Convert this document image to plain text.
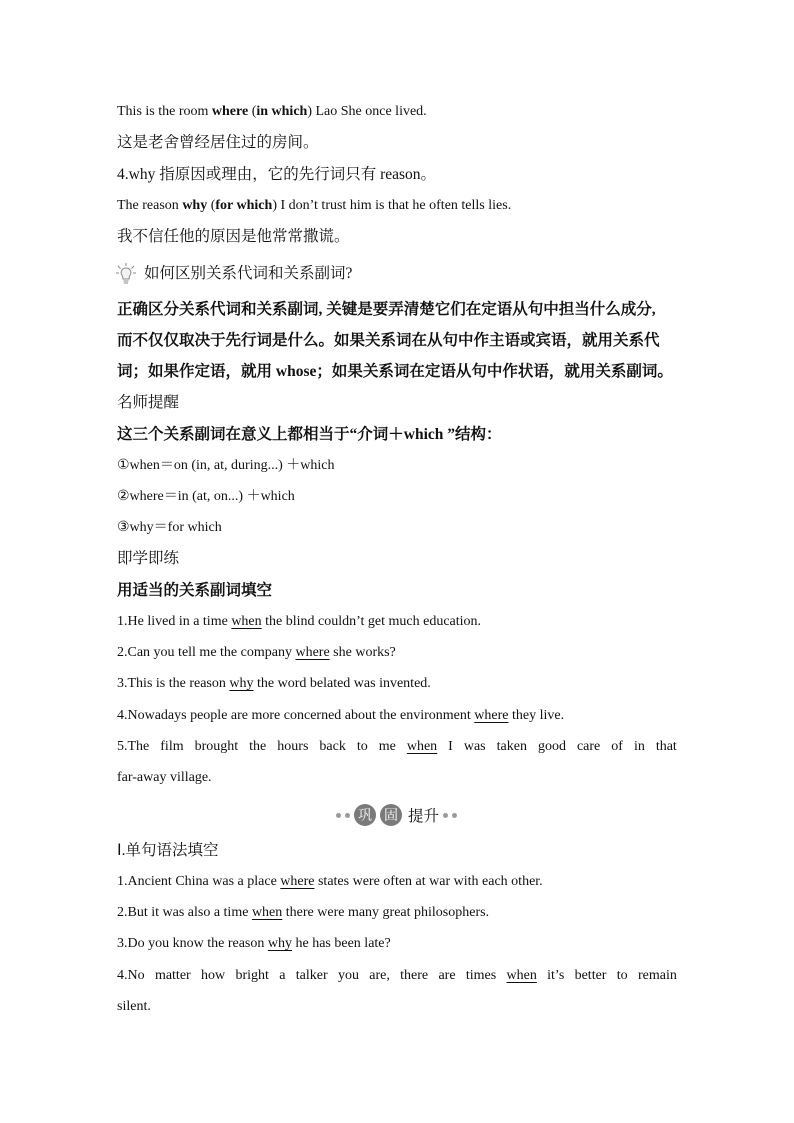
This is the room where (in which) Lao She once lived.
这是老舍曾经居住过的房间。
4.why 指原因或理由，它的先行词只有 reason。
The reason why (for which) I don’t trust him is that he often tells lies.
我不信任他的原因是他常常撒谎。
如何区别关系代词和关系副词?
正确区分关系代词和关系副词, 关键是要弄清楚它们在定语从句中担当什么成分,
而不仅仅取决于先行词是什么。如果关系词在从句中作主语或宾语，就用关系代
词；如果作定语，就用 whose；如果关系词在定语从句中作状语，就用关系副词。
名师提醒
这三个关系副词在意义上都相当于“介词＋which ”结构：
①when＝on (in, at, during...) ＋which
②where＝in (at, on...) ＋which
③why＝for which
即学即练
用适当的关系副词填空
1.He lived in a time when the blind couldn’t get much education.
2.Can you tell me the company where she works?
3.This is the reason why the word belated was invented.
4.Nowadays people are more concerned about the environment where they live.
5.The film brought the hours back to me when I was taken good care of in that
far-away village.
巩 固 提升
Ⅰ.单句语法填空
1.Ancient China was a place where states were often at war with each other.
2.But it was also a time when there were many great philosophers.
3.Do you know the reason why he has been late?
4.No matter how bright a talker you are, there are times when it’s better to remain
silent.
